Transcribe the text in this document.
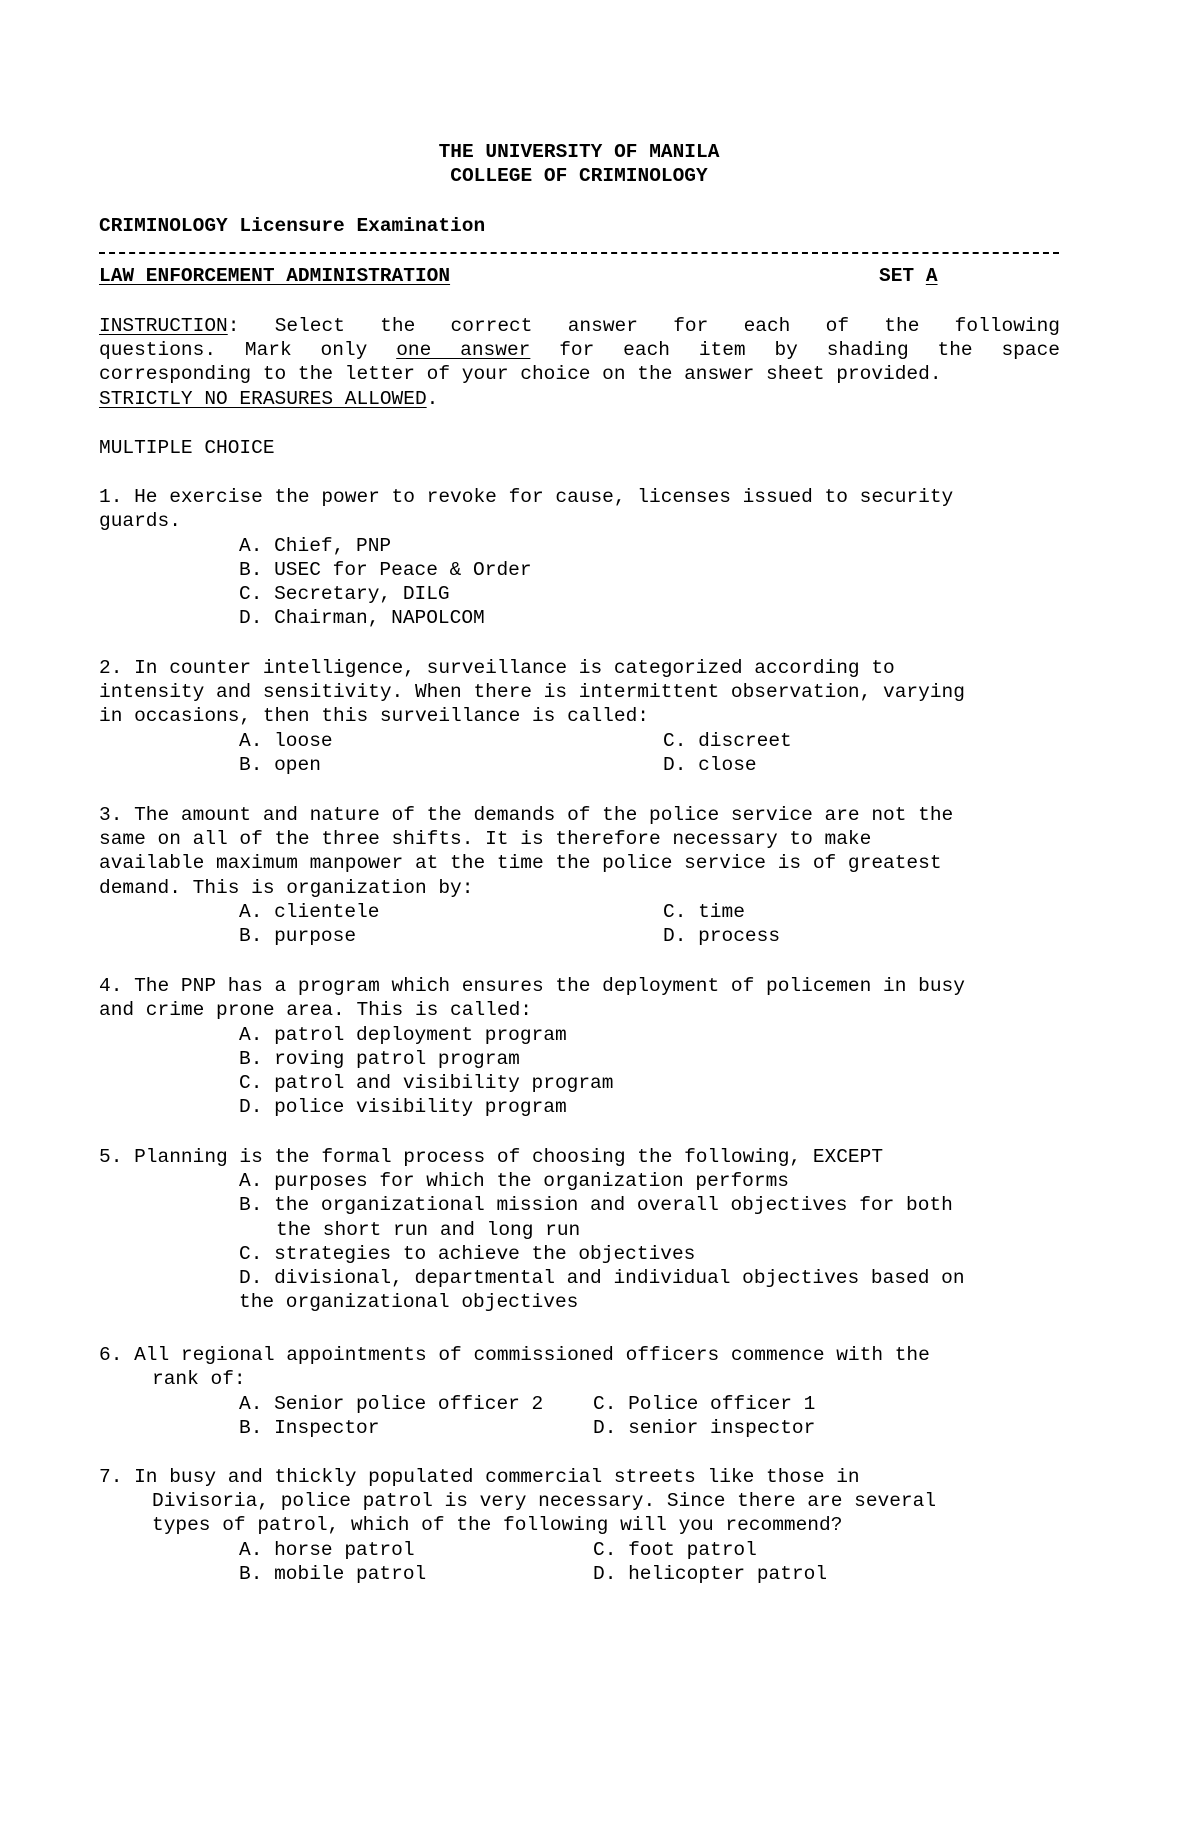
THE UNIVERSITY OF MANILA
COLLEGE OF CRIMINOLOGY
CRIMINOLOGY Licensure Examination
LAW ENFORCEMENT ADMINISTRATION	SET A
INSTRUCTION: Select the correct answer for each of the following
questions. Mark only one answer for each item by shading the space
corresponding to the letter of your choice on the answer sheet provided.
STRICTLY NO ERASURES ALLOWED.
MULTIPLE CHOICE
1. He exercise the power to revoke for cause, licenses issued to security
guards.
A. Chief, PNP
B. USEC for Peace & Order
C. Secretary, DILG
D. Chairman, NAPOLCOM
2. In counter intelligence, surveillance is categorized according to
intensity and sensitivity. When there is intermittent observation, varying
in occasions, then this surveillance is called:
A. loose	C. discreet
B. open	D. close
3. The amount and nature of the demands of the police service are not the
same on all of the three shifts. It is therefore necessary to make
available maximum manpower at the time the police service is of greatest
demand. This is organization by:
A. clientele	C. time
B. purpose	D. process
4. The PNP has a program which ensures the deployment of policemen in busy
and crime prone area. This is called:
A. patrol deployment program
B. roving patrol program
C. patrol and visibility program
D. police visibility program
5. Planning is the formal process of choosing the following, EXCEPT
A. purposes for which the organization performs
B. the organizational mission and overall objectives for both
the short run and long run
C. strategies to achieve the objectives
D. divisional, departmental and individual objectives based on
the organizational objectives
6. All regional appointments of commissioned officers commence with the
rank of:
A. Senior police officer 2	C. Police officer 1
B. Inspector	D. senior inspector
7. In busy and thickly populated commercial streets like those in
Divisoria, police patrol is very necessary. Since there are several
types of patrol, which of the following will you recommend?
A. horse patrol	C. foot patrol
B. mobile patrol	D. helicopter patrol
